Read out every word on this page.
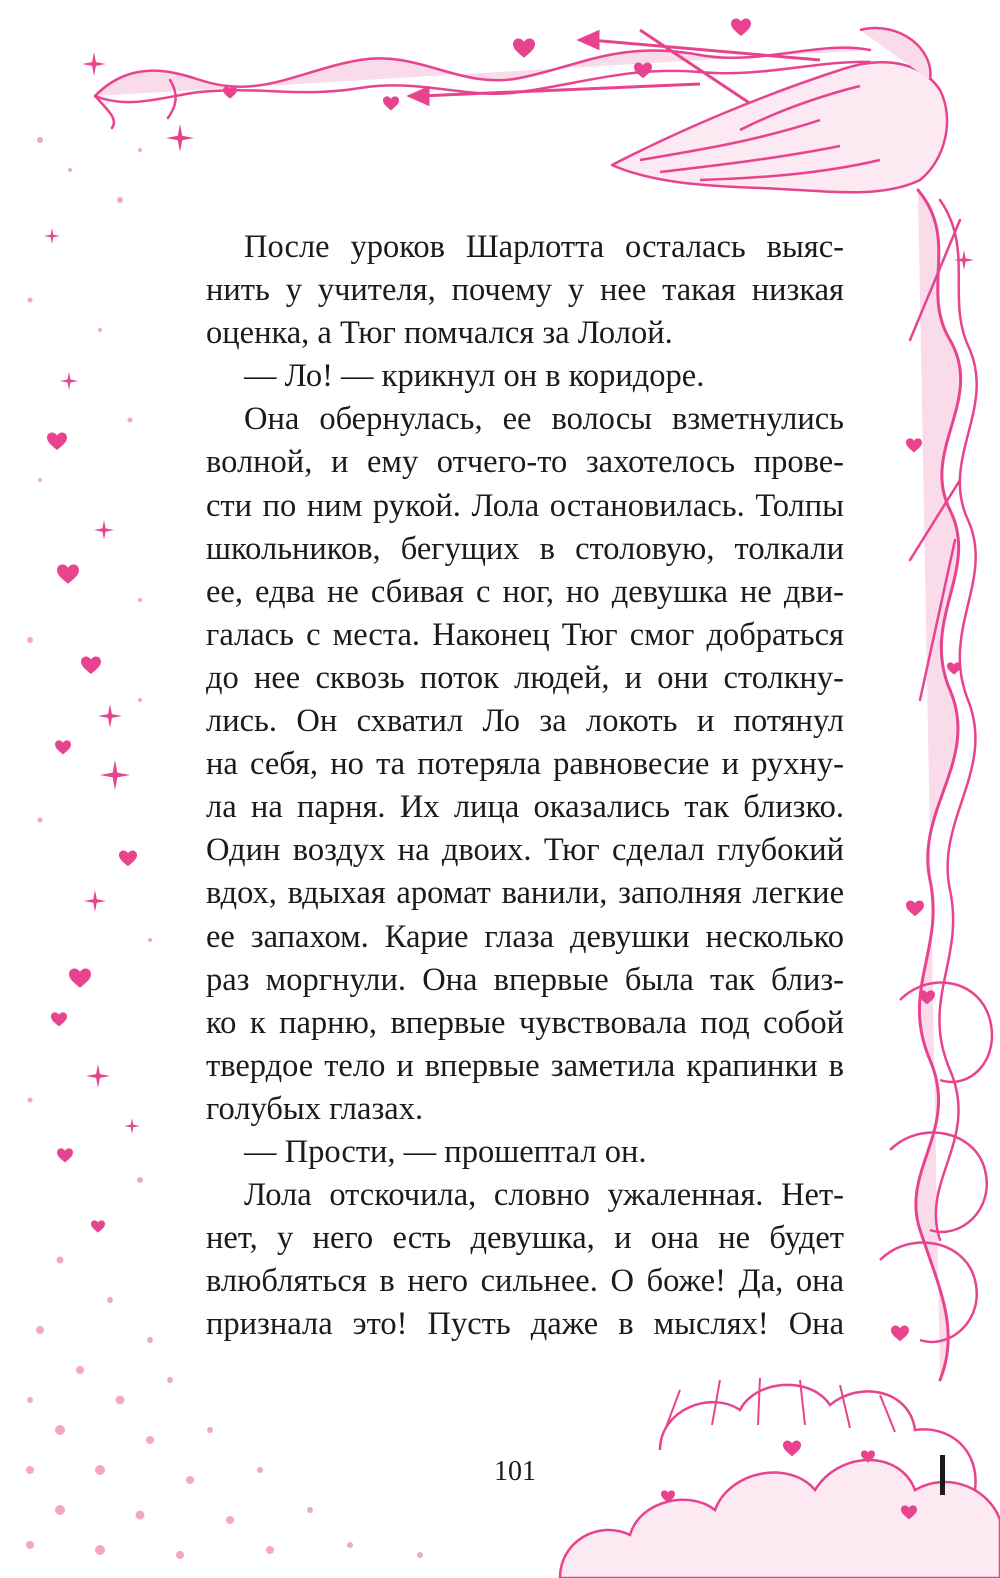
После уроков Шарлотта осталась выяс-
нить у учителя, почему у нее такая низкая
оценка, а Тюг помчался за Лолой.
— Ло! — крикнул он в коридоре.
Она обернулась, ее волосы взметнулись
волной, и ему отчего-то захотелось прове-
сти по ним рукой. Лола остановилась. Толпы
школьников, бегущих в столовую, толкали
ее, едва не сбивая с ног, но девушка не дви-
галась с места. Наконец Тюг смог добраться
до нее сквозь поток людей, и они столкну-
лись. Он схватил Ло за локоть и потянул
на себя, но та потеряла равновесие и рухну-
ла на парня. Их лица оказались так близко.
Один воздух на двоих. Тюг сделал глубокий
вдох, вдыхая аромат ванили, заполняя легкие
ее запахом. Карие глаза девушки несколько
раз моргнули. Она впервые была так близ-
ко к парню, впервые чувствовала под собой
твердое тело и впервые заметила крапинки в
голубых глазах.
— Прости, — прошептал он.
Лола отскочила, словно ужаленная. Нет-
нет, у него есть девушка, и она не будет
влюбляться в него сильнее. О боже! Да, она
признала это! Пусть даже в мыслях! Она
101
